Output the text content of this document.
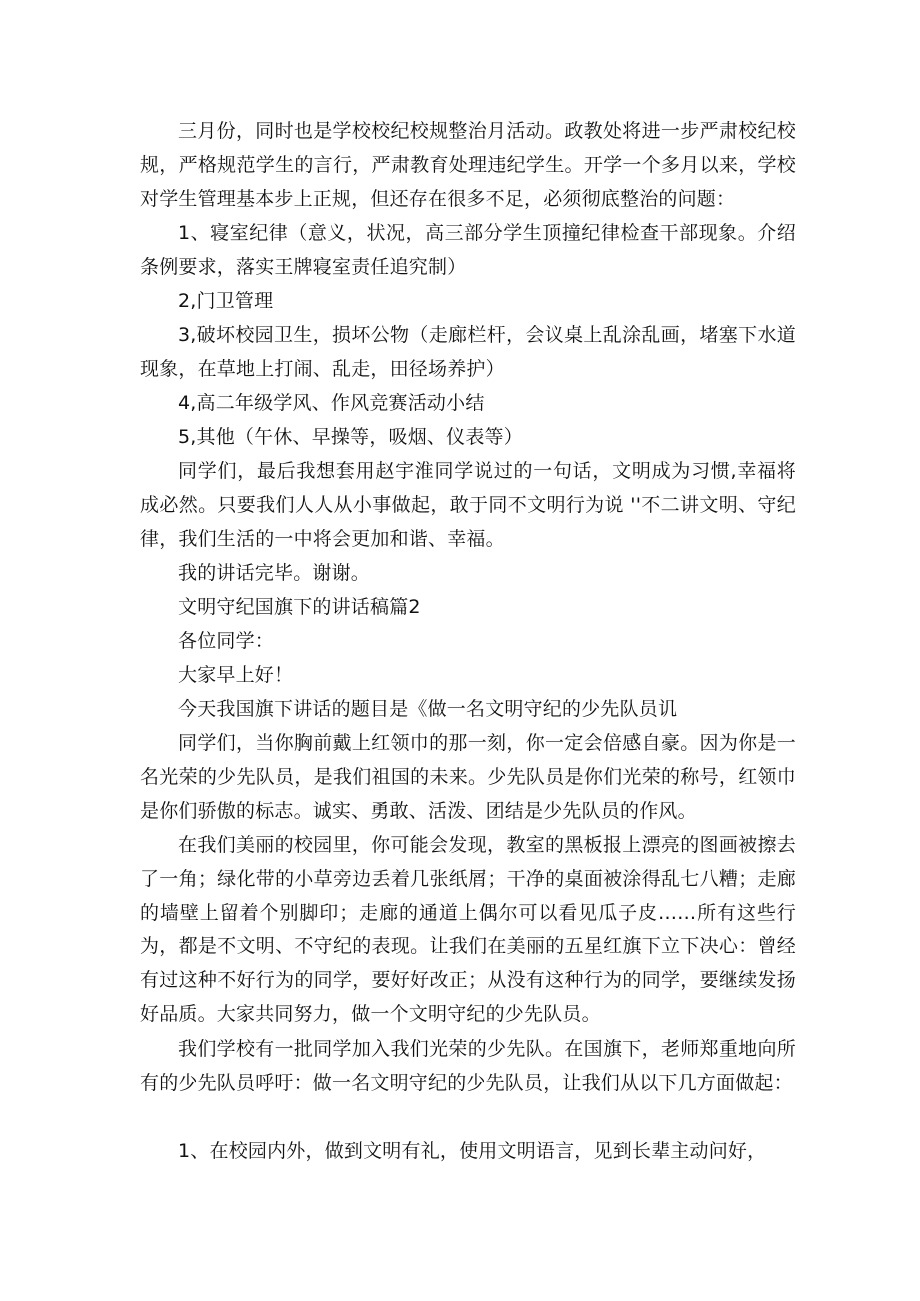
三月份，同时也是学校校纪校规整治月活动。政教处将进一步严肃校纪校规，严格规范学生的言行，严肃教育处理违纪学生。开学一个多月以来，学校对学生管理基本步上正规，但还存在很多不足，必须彻底整治的问题：

1、寝室纪律（意义，状况，高三部分学生顶撞纪律检查干部现象。介绍条例要求，落实王牌寝室责任追究制）

2,门卫管理

3,破坏校园卫生，损坏公物（走廊栏杆，会议桌上乱涂乱画，堵塞下水道现象，在草地上打闹、乱走，田径场养护）

4,高二年级学风、作风竞赛活动小结

5,其他（午休、早操等，吸烟、仪表等）

同学们，最后我想套用赵宇淮同学说过的一句话，文明成为习惯,幸福将成必然。只要我们人人从小事做起，敢于同不文明行为说 ''不二讲文明、守纪律，我们生活的一中将会更加和谐、幸福。

我的讲话完毕。谢谢。

文明守纪国旗下的讲话稿篇2

各位同学：

大家早上好！

今天我国旗下讲话的题目是《做一名文明守纪的少先队员讥

同学们，当你胸前戴上红领巾的那一刻，你一定会倍感自豪。因为你是一名光荣的少先队员，是我们祖国的未来。少先队员是你们光荣的称号，红领巾是你们骄傲的标志。诚实、勇敢、活泼、团结是少先队员的作风。

在我们美丽的校园里，你可能会发现，教室的黑板报上漂亮的图画被擦去了一角；绿化带的小草旁边丢着几张纸屑；干净的桌面被涂得乱七八糟；走廊的墙壁上留着个别脚印；走廊的通道上偶尔可以看见瓜子皮……所有这些行为，都是不文明、不守纪的表现。让我们在美丽的五星红旗下立下决心：曾经有过这种不好行为的同学，要好好改正；从没有这种行为的同学，要继续发扬好品质。大家共同努力，做一个文明守纪的少先队员。

我们学校有一批同学加入我们光荣的少先队。在国旗下，老师郑重地向所有的少先队员呼吁：做一名文明守纪的少先队员，让我们从以下几方面做起：

1、在校园内外，做到文明有礼，使用文明语言，见到长辈主动问好，
